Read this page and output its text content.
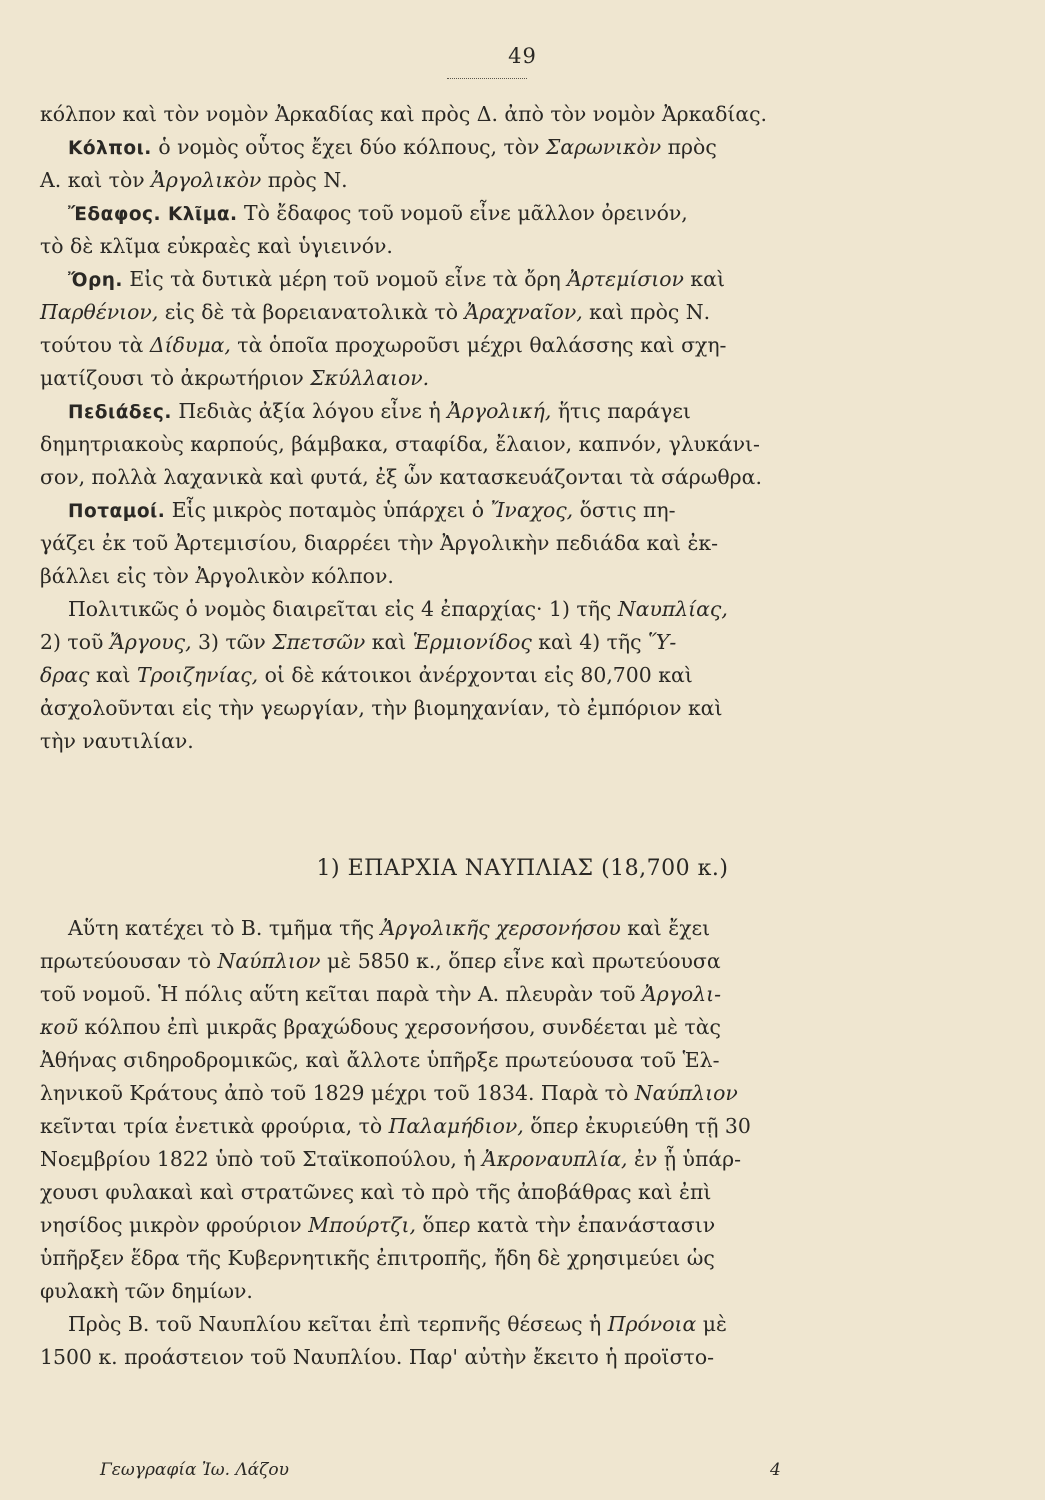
49
κόλπον καὶ τὸν νομὸν Ἀρκαδίας καὶ πρὸς Δ. ἀπὸ τὸν νομὸν Ἀρκαδίας.
Κόλποι. ὁ νομὸς οὗτος ἔχει δύο κόλπους, τὸν Σαρωνικὸν πρὸς
Α. καὶ τὸν Ἀργολικὸν πρὸς Ν.
Ἔδαφος. Κλῖμα. Τὸ ἔδαφος τοῦ νομοῦ εἶνε μᾶλλον ὀρεινόν,
τὸ δὲ κλῖμα εὐκραὲς καὶ ὑγιεινόν.
Ὄρη. Εἰς τὰ δυτικὰ μέρη τοῦ νομοῦ εἶνε τὰ ὄρη Ἀρτεμίσιον καὶ
Παρθένιον, εἰς δὲ τὰ βορειανατολικὰ τὸ Ἀραχναῖον, καὶ πρὸς Ν.
τούτου τὰ Δίδυμα, τὰ ὁποῖα προχωροῦσι μέχρι θαλάσσης καὶ σχη-
ματίζουσι τὸ ἀκρωτήριον Σκύλλαιον.
Πεδιάδες. Πεδιὰς ἀξία λόγου εἶνε ἡ Ἀργολική, ἥτις παράγει
δημητριακοὺς καρπούς, βάμβακα, σταφίδα, ἔλαιον, καπνόν, γλυκάνι-
σον, πολλὰ λαχανικὰ καὶ φυτά, ἐξ ὧν κατασκευάζονται τὰ σάρωθρα.
Ποταμοί. Εἷς μικρὸς ποταμὸς ὑπάρχει ὁ Ἴναχος, ὅστις πη-
γάζει ἐκ τοῦ Ἀρτεμισίου, διαρρέει τὴν Ἀργολικὴν πεδιάδα καὶ ἐκ-
βάλλει εἰς τὸν Ἀργολικὸν κόλπον.
Πολιτικῶς ὁ νομὸς διαιρεῖται εἰς 4 ἐπαρχίας· 1) τῆς Ναυπλίας,
2) τοῦ Ἄργους, 3) τῶν Σπετσῶν καὶ Ἑρμιονίδος καὶ 4) τῆς Ὕ-
δρας καὶ Τροιζηνίας, οἱ δὲ κάτοικοι ἀνέρχονται εἰς 80,700 καὶ
ἀσχολοῦνται εἰς τὴν γεωργίαν, τὴν βιομηχανίαν, τὸ ἐμπόριον καὶ
τὴν ναυτιλίαν.
1) ΕΠΑΡΧΙΑ ΝΑΥΠΛΙΑΣ (18,700 κ.)
Αὕτη κατέχει τὸ Β. τμῆμα τῆς Ἀργολικῆς χερσονήσου καὶ ἔχει
πρωτεύουσαν τὸ Ναύπλιον μὲ 5850 κ., ὅπερ εἶνε καὶ πρωτεύουσα
τοῦ νομοῦ. Ἡ πόλις αὕτη κεῖται παρὰ τὴν Α. πλευρὰν τοῦ Ἀργολι-
κοῦ κόλπου ἐπὶ μικρᾶς βραχώδους χερσονήσου, συνδέεται μὲ τὰς
Ἀθήνας σιδηροδρομικῶς, καὶ ἄλλοτε ὑπῆρξε πρωτεύουσα τοῦ Ἑλ-
ληνικοῦ Κράτους ἀπὸ τοῦ 1829 μέχρι τοῦ 1834. Παρὰ τὸ Ναύπλιον
κεῖνται τρία ἐνετικὰ φρούρια, τὸ Παλαμήδιον, ὅπερ ἐκυριεύθη τῇ 30
Νοεμβρίου 1822 ὑπὸ τοῦ Σταϊκοπούλου, ἡ Ἀκροναυπλία, ἐν ᾗ ὑπάρ-
χουσι φυλακαὶ καὶ στρατῶνες καὶ τὸ πρὸ τῆς ἀποβάθρας καὶ ἐπὶ
νησίδος μικρὸν φρούριον Μπούρτζι, ὅπερ κατὰ τὴν ἐπανάστασιν
ὑπῆρξεν ἕδρα τῆς Κυβερνητικῆς ἐπιτροπῆς, ἤδη δὲ χρησιμεύει ὡς
φυλακὴ τῶν δημίων.
Πρὸς Β. τοῦ Ναυπλίου κεῖται ἐπὶ τερπνῆς θέσεως ἡ Πρόνοια μὲ
1500 κ. προάστειον τοῦ Ναυπλίου. Παρ' αὐτὴν ἔκειτο ἡ προϊστο-
Γεωγραφία Ἰω. Λάζου	4
